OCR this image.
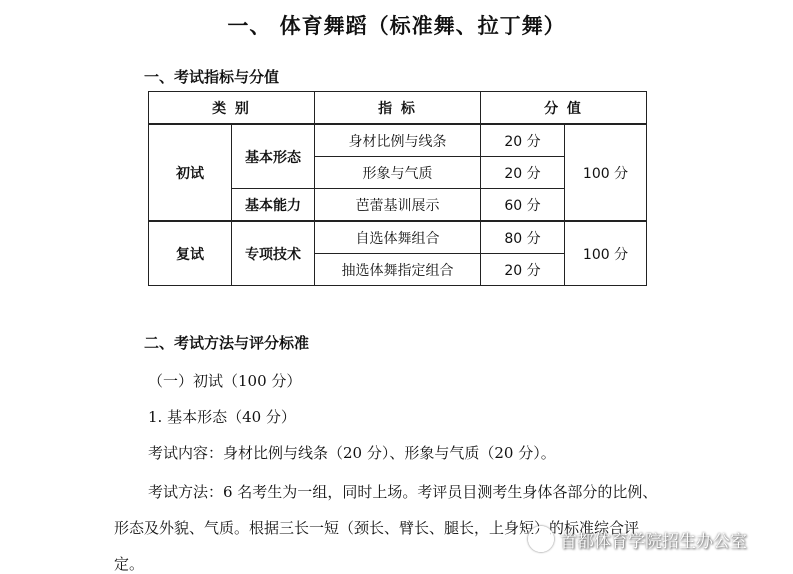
一、 体育舞蹈（标准舞、拉丁舞）
一、考试指标与分值
类 别		指 标	分 值	
初试	基本形态	身材比例与线条	20 分	100 分
		形象与气质	20 分	
	基本能力	芭蕾基训展示	60 分	
复试	专项技术	自选体舞组合	80 分	100 分
		抽选体舞指定组合	20 分	
二、考试方法与评分标准
（一）初试（100 分）
1. 基本形态（40 分）
考试内容：身材比例与线条（20 分）、形象与气质（20 分）。
考试方法：6 名考生为一组，同时上场。考评员目测考生身体各部分的比例、
形态及外貌、气质。根据三长一短（颈长、臂长、腿长，上身短）的标准综合评
定。
首都体育学院招生办公室
